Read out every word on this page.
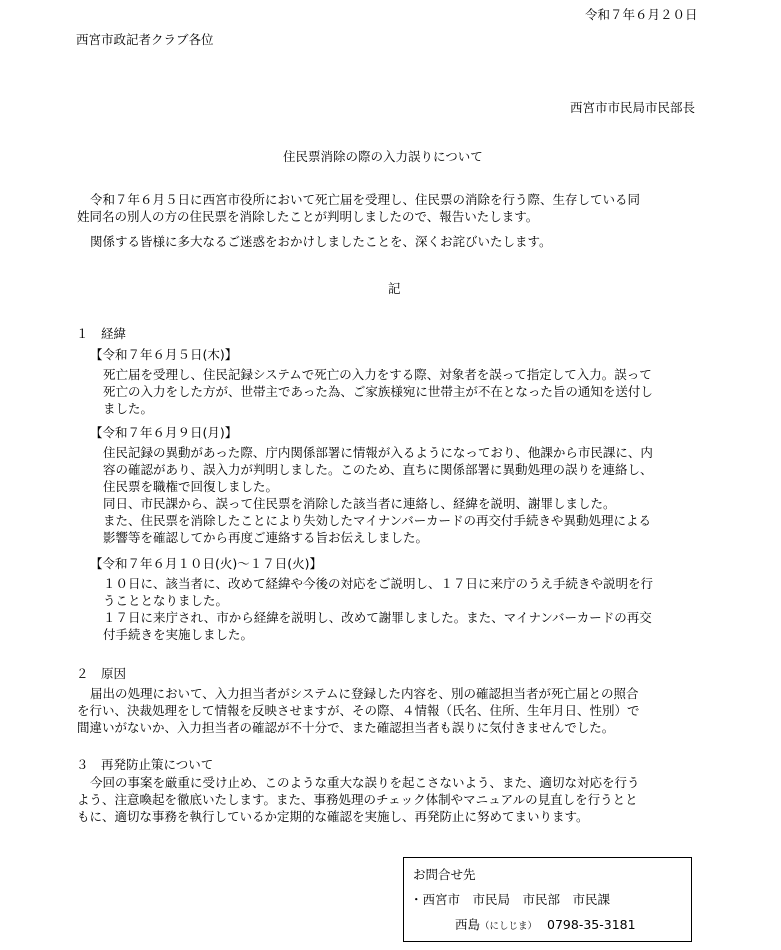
令和７年６月２０日
西宮市政記者クラブ各位
西宮市市民局市民部長
住民票消除の際の入力誤りについて
令和７年６月５日に西宮市役所において死亡届を受理し、住民票の消除を行う際、生存している同
姓同名の別人の方の住民票を消除したことが判明しましたので、報告いたします。
関係する皆様に多大なるご迷惑をおかけしましたことを、深くお詫びいたします。
記
１　経緯
【令和７年６月５日(木)】
死亡届を受理し、住民記録システムで死亡の入力をする際、対象者を誤って指定して入力。誤って
死亡の入力をした方が、世帯主であった為、ご家族様宛に世帯主が不在となった旨の通知を送付し
ました。
【令和７年６月９日(月)】
住民記録の異動があった際、庁内関係部署に情報が入るようになっており、他課から市民課に、内
容の確認があり、誤入力が判明しました。このため、直ちに関係部署に異動処理の誤りを連絡し、
住民票を職権で回復しました。
同日、市民課から、誤って住民票を消除した該当者に連絡し、経緯を説明、謝罪しました。
また、住民票を消除したことにより失効したマイナンバーカードの再交付手続きや異動処理による
影響等を確認してから再度ご連絡する旨お伝えしました。
【令和７年６月１０日(火)～１７日(火)】
１０日に、該当者に、改めて経緯や今後の対応をご説明し、１７日に来庁のうえ手続きや説明を行
うこととなりました。
１７日に来庁され、市から経緯を説明し、改めて謝罪しました。また、マイナンバーカードの再交
付手続きを実施しました。
２　原因
届出の処理において、入力担当者がシステムに登録した内容を、別の確認担当者が死亡届との照合
を行い、決裁処理をして情報を反映させますが、その際、４情報（氏名、住所、生年月日、性別）で
間違いがないか、入力担当者の確認が不十分で、また確認担当者も誤りに気付きませんでした。
３　再発防止策について
今回の事案を厳重に受け止め、このような重大な誤りを起こさないよう、また、適切な対応を行う
よう、注意喚起を徹底いたします。また、事務処理のチェック体制やマニュアルの見直しを行うとと
もに、適切な事務を執行しているか定期的な確認を実施し、再発防止に努めてまいります。
お問合せ先
・西宮市　市民局　市民部　市民課
西島（にしじま） 0798-35-3181
